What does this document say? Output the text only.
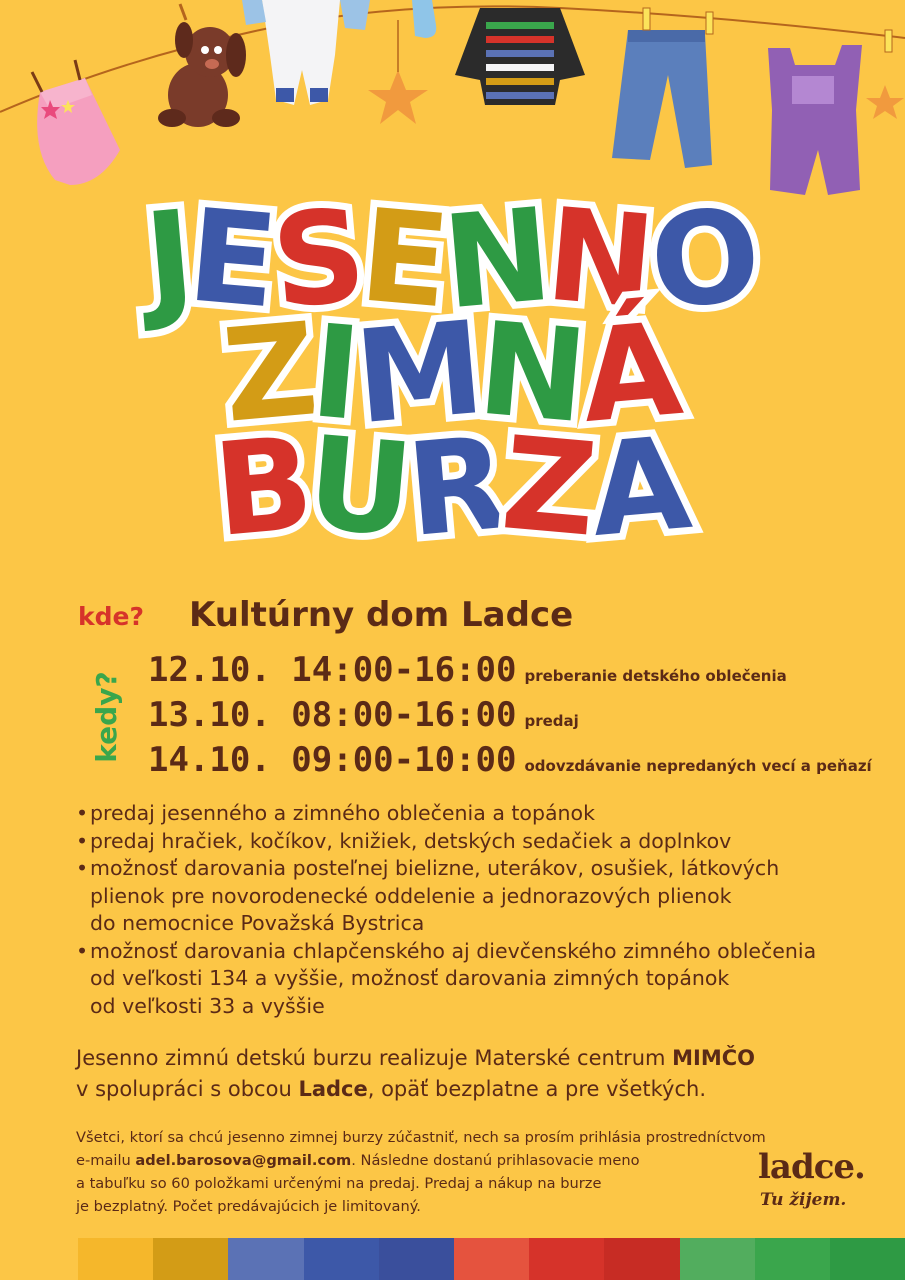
J
E
S
E
N
N
O
Z
I
M
N
Á
B
U
R
Z
A
kde? Kultúrny dom Ladce
kedy?
12.10. 14:00-16:00 preberanie detského oblečenia
13.10. 08:00-16:00 predaj
14.10. 09:00-10:00 odovzdávanie nepredaných vecí a peňazí
• predaj jesenného a zimného oblečenia a topánok
• predaj hračiek, kočíkov, knižiek, detských sedačiek a doplnkov
• možnosť darovania posteľnej bielizne, uterákov, osušiek, látkových
plienok pre novorodenecké oddelenie a jednorazových plienok
do nemocnice Považská Bystrica
• možnosť darovania chlapčenského aj dievčenského zimného oblečenia
od veľkosti 134 a vyššie, možnosť darovania zimných topánok
od veľkosti 33 a vyššie
Jesenno zimnú detskú burzu realizuje Materské centrum MIMČO
v spolupráci s obcou Ladce, opäť bezplatne a pre všetkých.
Všetci, ktorí sa chcú jesenno zimnej burzy zúčastniť, nech sa prosím prihlásia prostredníctvom
e-mailu adel.barosova@gmail.com. Následne dostanú prihlasovacie meno
a tabuľku so 60 položkami určenými na predaj. Predaj a nákup na burze
je bezplatný. Počet predávajúcich je limitovaný.
ladce.
Tu žijem.
